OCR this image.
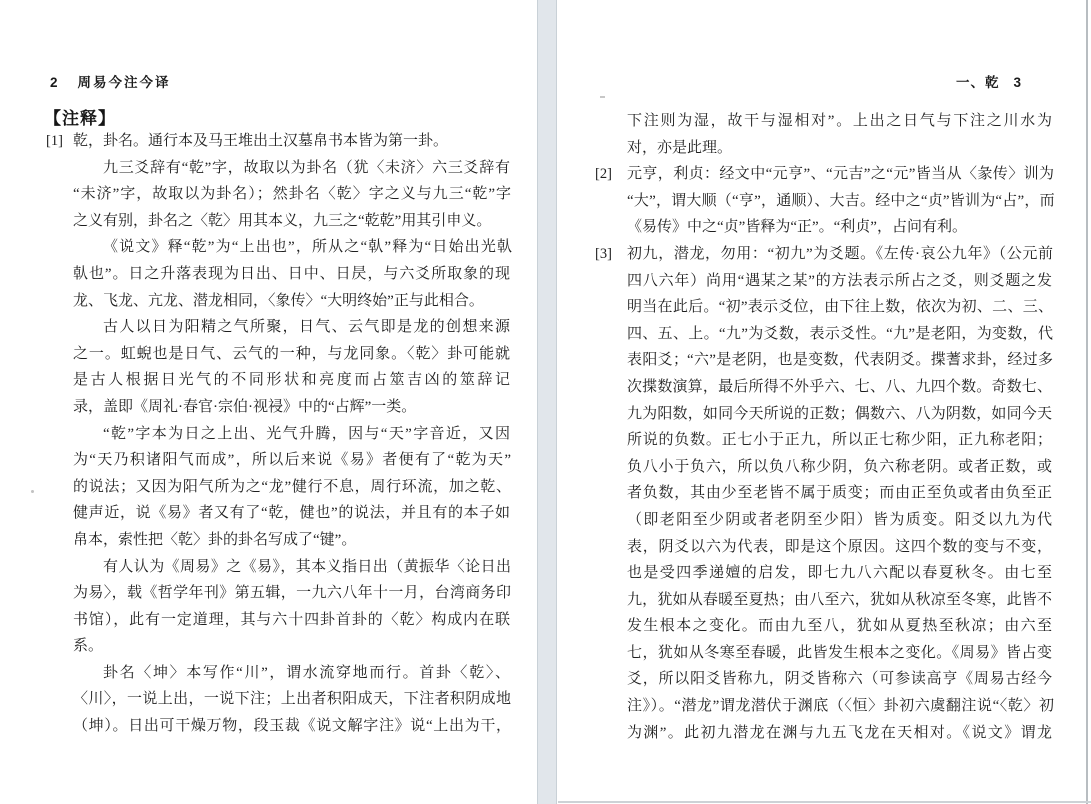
2 周易今注今译
【注释】
[1] 乾，卦名。通行本及马王堆出土汉墓帛书本皆为第一卦。
九三爻辞有“乾”字，故取以为卦名（犹〈未济〉六三爻辞有
“未济”字，故取以为卦名）；然卦名〈乾〉字之义与九三“乾”字
之义有别，卦名之〈乾〉用其本义，九三之“乾乾”用其引申义。
《说文》释“乾”为“上出也”，所从之“倝”释为“日始出光倝
倝也”。日之升落表现为日出、日中、日昃，与六爻所取象的现
龙、飞龙、亢龙、潜龙相同，〈象传〉“大明终始”正与此相合。
古人以日为阳精之气所聚，日气、云气即是龙的创想来源
之一。虹蜺也是日气、云气的一种，与龙同象。〈乾〉卦可能就
是古人根据日光气的不同形状和亮度而占筮吉凶的筮辞记
录，盖即《周礼·春官·宗伯·视祲》中的“占辉”一类。
“乾”字本为日之上出、光气升腾，因与“天”字音近，又因
为“天乃积诸阳气而成”，所以后来说《易》者便有了“乾为天”
的说法；又因为阳气所为之“龙”健行不息，周行环流，加之乾、
健声近，说《易》者又有了“乾，健也”的说法，并且有的本子如
帛本，索性把〈乾〉卦的卦名写成了“键”。
有人认为《周易》之《易》，其本义指日出（黄振华〈论日出
为易〉，载《哲学年刊》第五辑，一九六八年十一月，台湾商务印
书馆），此有一定道理，其与六十四卦首卦的〈乾〉构成内在联
系。
卦名〈坤〉本写作“川”，谓水流穿地而行。首卦〈乾〉、
〈川〉，一说上出，一说下注；上出者积阳成天，下注者积阴成地
（坤）。日出可干燥万物，段玉裁《说文解字注》说“上出为干，
一、乾 3
下注则为湿，故干与湿相对”。上出之日气与下注之川水为
对，亦是此理。
[2] 元亨，利贞：经文中“元亨”、“元吉”之“元”皆当从〈彖传〉训为
“大”，谓大顺（“亨”，通顺）、大吉。经中之“贞”皆训为“占”，而
《易传》中之“贞”皆释为“正”。“利贞”，占问有利。
[3] 初九，潜龙，勿用：“初九”为爻题。《左传·哀公九年》（公元前
四八六年）尚用“遇某之某”的方法表示所占之爻，则爻题之发
明当在此后。“初”表示爻位，由下往上数，依次为初、二、三、
四、五、上。“九”为爻数，表示爻性。“九”是老阳，为变数，代
表阳爻；“六”是老阴，也是变数，代表阴爻。揲蓍求卦，经过多
次揲数演算，最后所得不外乎六、七、八、九四个数。奇数七、
九为阳数，如同今天所说的正数；偶数六、八为阴数，如同今天
所说的负数。正七小于正九，所以正七称少阳，正九称老阳；
负八小于负六，所以负八称少阴，负六称老阴。或者正数，或
者负数，其由少至老皆不属于质变；而由正至负或者由负至正
（即老阳至少阴或者老阴至少阳）皆为质变。阳爻以九为代
表，阴爻以六为代表，即是这个原因。这四个数的变与不变，
也是受四季递嬗的启发，即七九八六配以春夏秋冬。由七至
九，犹如从春暖至夏热；由八至六，犹如从秋凉至冬寒，此皆不
发生根本之变化。而由九至八，犹如从夏热至秋凉；由六至
七，犹如从冬寒至春暖，此皆发生根本之变化。《周易》皆占变
爻，所以阳爻皆称九，阴爻皆称六（可参读高亨《周易古经今
注》）。“潜龙”谓龙潜伏于渊底（〈恒〉卦初六虞翻注说“〈乾〉初
为渊”。此初九潜龙在渊与九五飞龙在天相对。《说文》谓龙
